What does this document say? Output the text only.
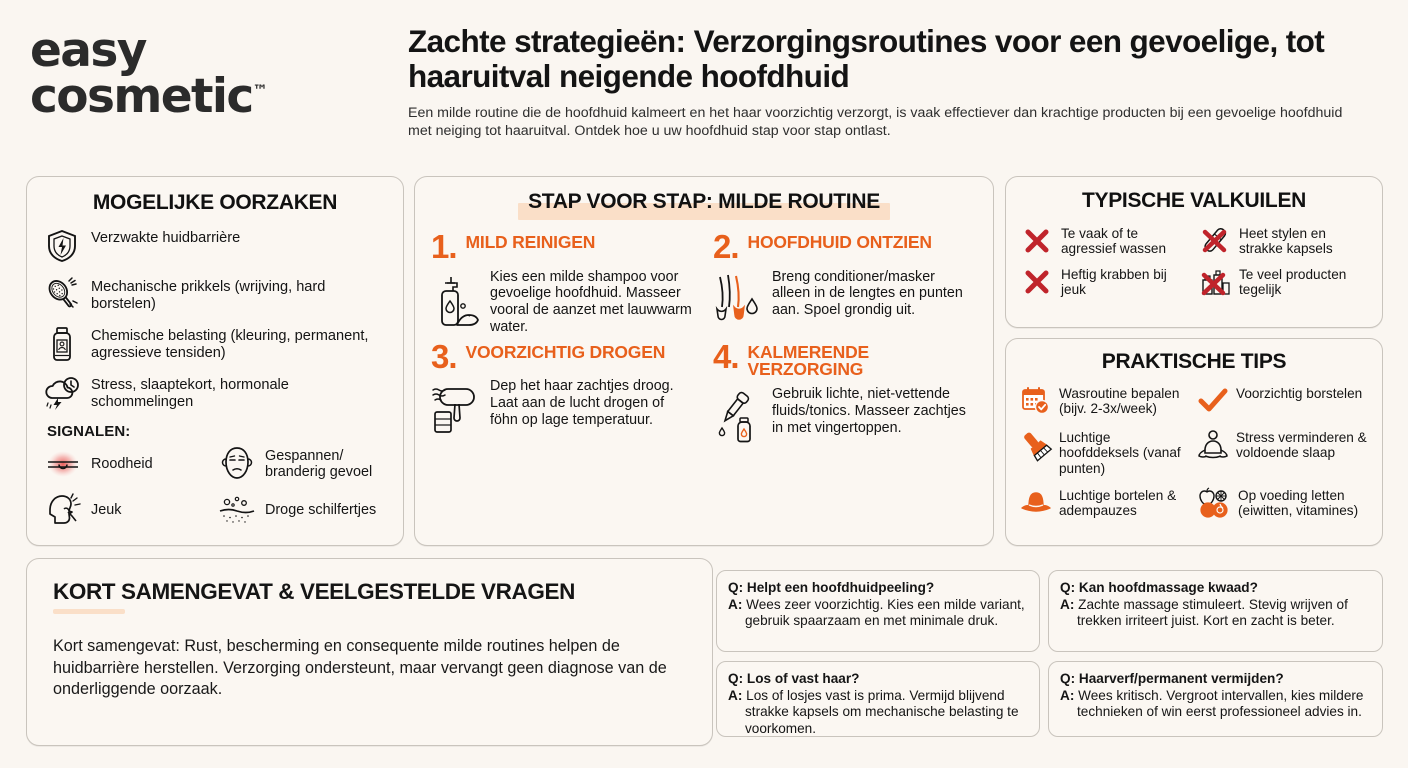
easy
cosmetic™
Zachte strategieën: Verzorgingsroutines voor een gevoelige, tot haaruitval neigende hoofdhuid
Een milde routine die de hoofdhuid kalmeert en het haar voorzichtig verzorgt, is vaak effectiever dan krachtige producten bij een gevoelige hoofdhuid met neiging tot haaruitval. Ontdek hoe u uw hoofdhuid stap voor stap ontlast.
MOGELIJKE OORZAKEN
Verzwakte huidbarrière
Mechanische prikkels (wrijving, hard borstelen)
Chemische belasting (kleuring, permanent, agressieve tensiden)
Stress, slaaptekort, hormonale schommelingen
SIGNALEN:
Roodheid
Gespannen/ branderig gevoel
Jeuk	Droge schilfertjes
STAP VOOR STAP: MILDE ROUTINE
1. MILD REINIGEN
Kies een milde shampoo voor gevoelige hoofdhuid. Masseer vooral de aanzet met lauwwarm water.
2. HOOFDHUID ONTZIEN
Breng conditioner/masker alleen in de lengtes en punten aan. Spoel grondig uit.
3. VOORZICHTIG DROGEN
Dep het haar zachtjes droog. Laat aan de lucht drogen of föhn op lage temperatuur.
4. KALMERENDE VERZORGING
Gebruik lichte, niet-vettende fluids/tonics. Masseer zachtjes in met vingertoppen.
TYPISCHE VALKUILEN
Te vaak of te agressief wassen
Heet stylen en strakke kapsels
Heftig krabben bij jeuk
Te veel producten tegelijk
PRAKTISCHE TIPS
Wasroutine bepalen (bijv. 2-3x/week)
Voorzichtig borstelen
Luchtige hoofddeksels (vanaf punten)
Stress verminderen & voldoende slaap
Luchtige bortelen & adempauzes
Op voeding letten (eiwitten, vitamines)
KORT SAMENGEVAT & VEELGESTELDE VRAGEN
Kort samengevat: Rust, bescherming en consequente milde routines helpen de huidbarrière herstellen. Verzorging ondersteunt, maar vervangt geen diagnose van de onderliggende oorzaak.
Q: Helpt een hoofdhuidpeeling?
A: Wees zeer voorzichtig. Kies een milde variant, gebruik spaarzaam en met minimale druk.
Q: Kan hoofdmassage kwaad?
A: Zachte massage stimuleert. Stevig wrijven of trekken irriteert juist. Kort en zacht is beter.
Q: Los of vast haar?
A: Los of losjes vast is prima. Vermijd blijvend strakke kapsels om mechanische belasting te voorkomen.
Q: Haarverf/permanent vermijden?
A: Wees kritisch. Vergroot intervallen, kies mildere technieken of win eerst professioneel advies in.
